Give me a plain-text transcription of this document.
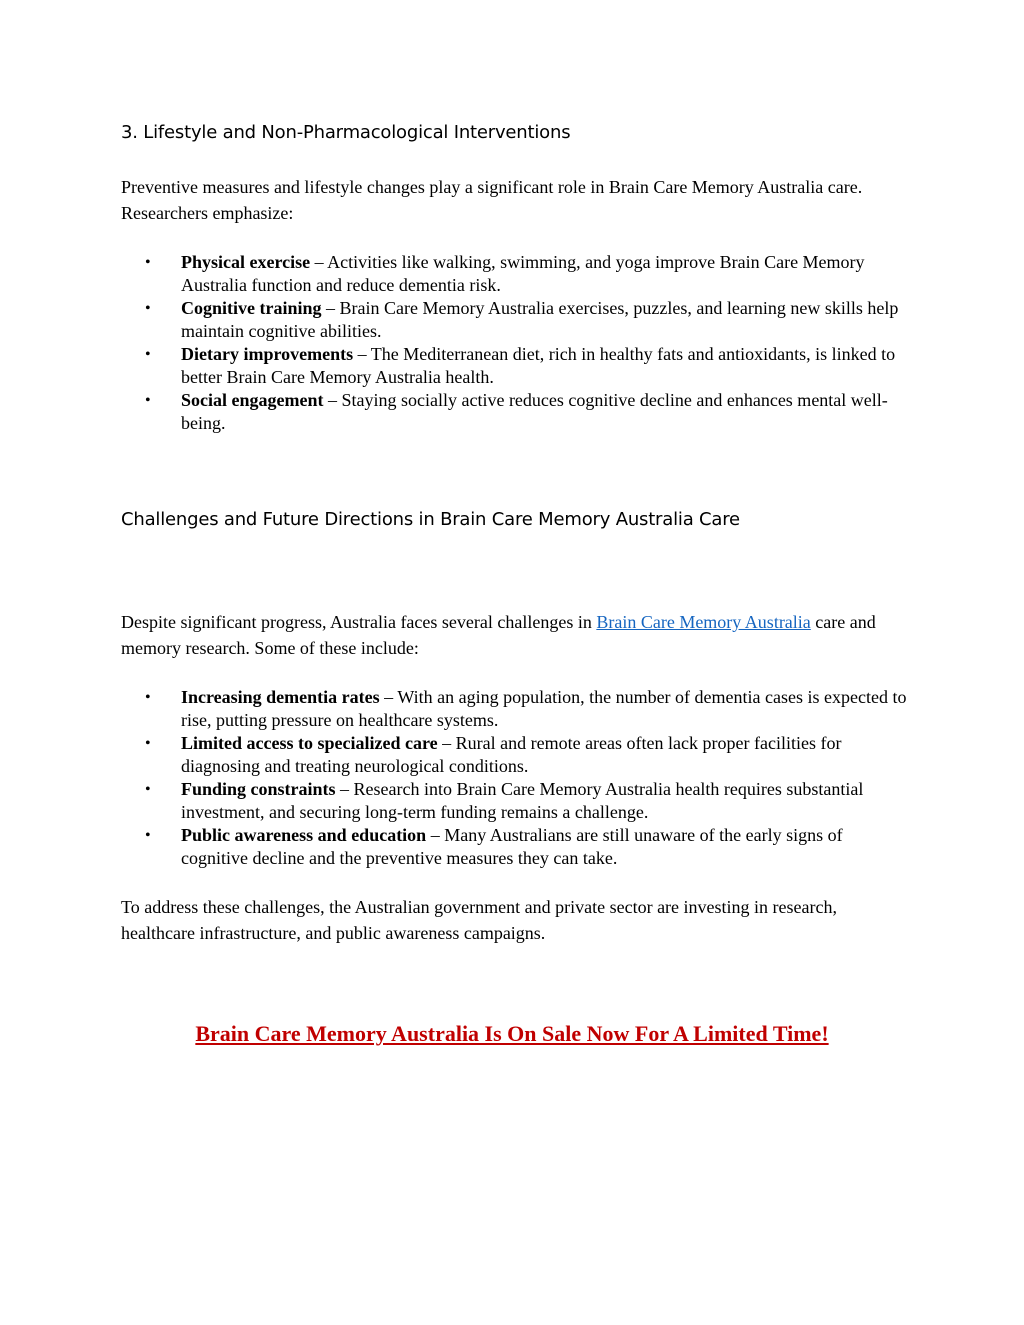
3. Lifestyle and Non-Pharmacological Interventions

Preventive measures and lifestyle changes play a significant role in Brain Care Memory Australia care. Researchers emphasize:

• Physical exercise – Activities like walking, swimming, and yoga improve Brain Care Memory Australia function and reduce dementia risk.
• Cognitive training – Brain Care Memory Australia exercises, puzzles, and learning new skills help maintain cognitive abilities.
• Dietary improvements – The Mediterranean diet, rich in healthy fats and antioxidants, is linked to better Brain Care Memory Australia health.
• Social engagement – Staying socially active reduces cognitive decline and enhances mental well-being.
Challenges and Future Directions in Brain Care Memory Australia Care

Despite significant progress, Australia faces several challenges in Brain Care Memory Australia care and memory research. Some of these include:

• Increasing dementia rates – With an aging population, the number of dementia cases is expected to rise, putting pressure on healthcare systems.
• Limited access to specialized care – Rural and remote areas often lack proper facilities for diagnosing and treating neurological conditions.
• Funding constraints – Research into Brain Care Memory Australia health requires substantial investment, and securing long-term funding remains a challenge.
• Public awareness and education – Many Australians are still unaware of the early signs of cognitive decline and the preventive measures they can take.

To address these challenges, the Australian government and private sector are investing in research, healthcare infrastructure, and public awareness campaigns.

Brain Care Memory Australia Is On Sale Now For A Limited Time!
